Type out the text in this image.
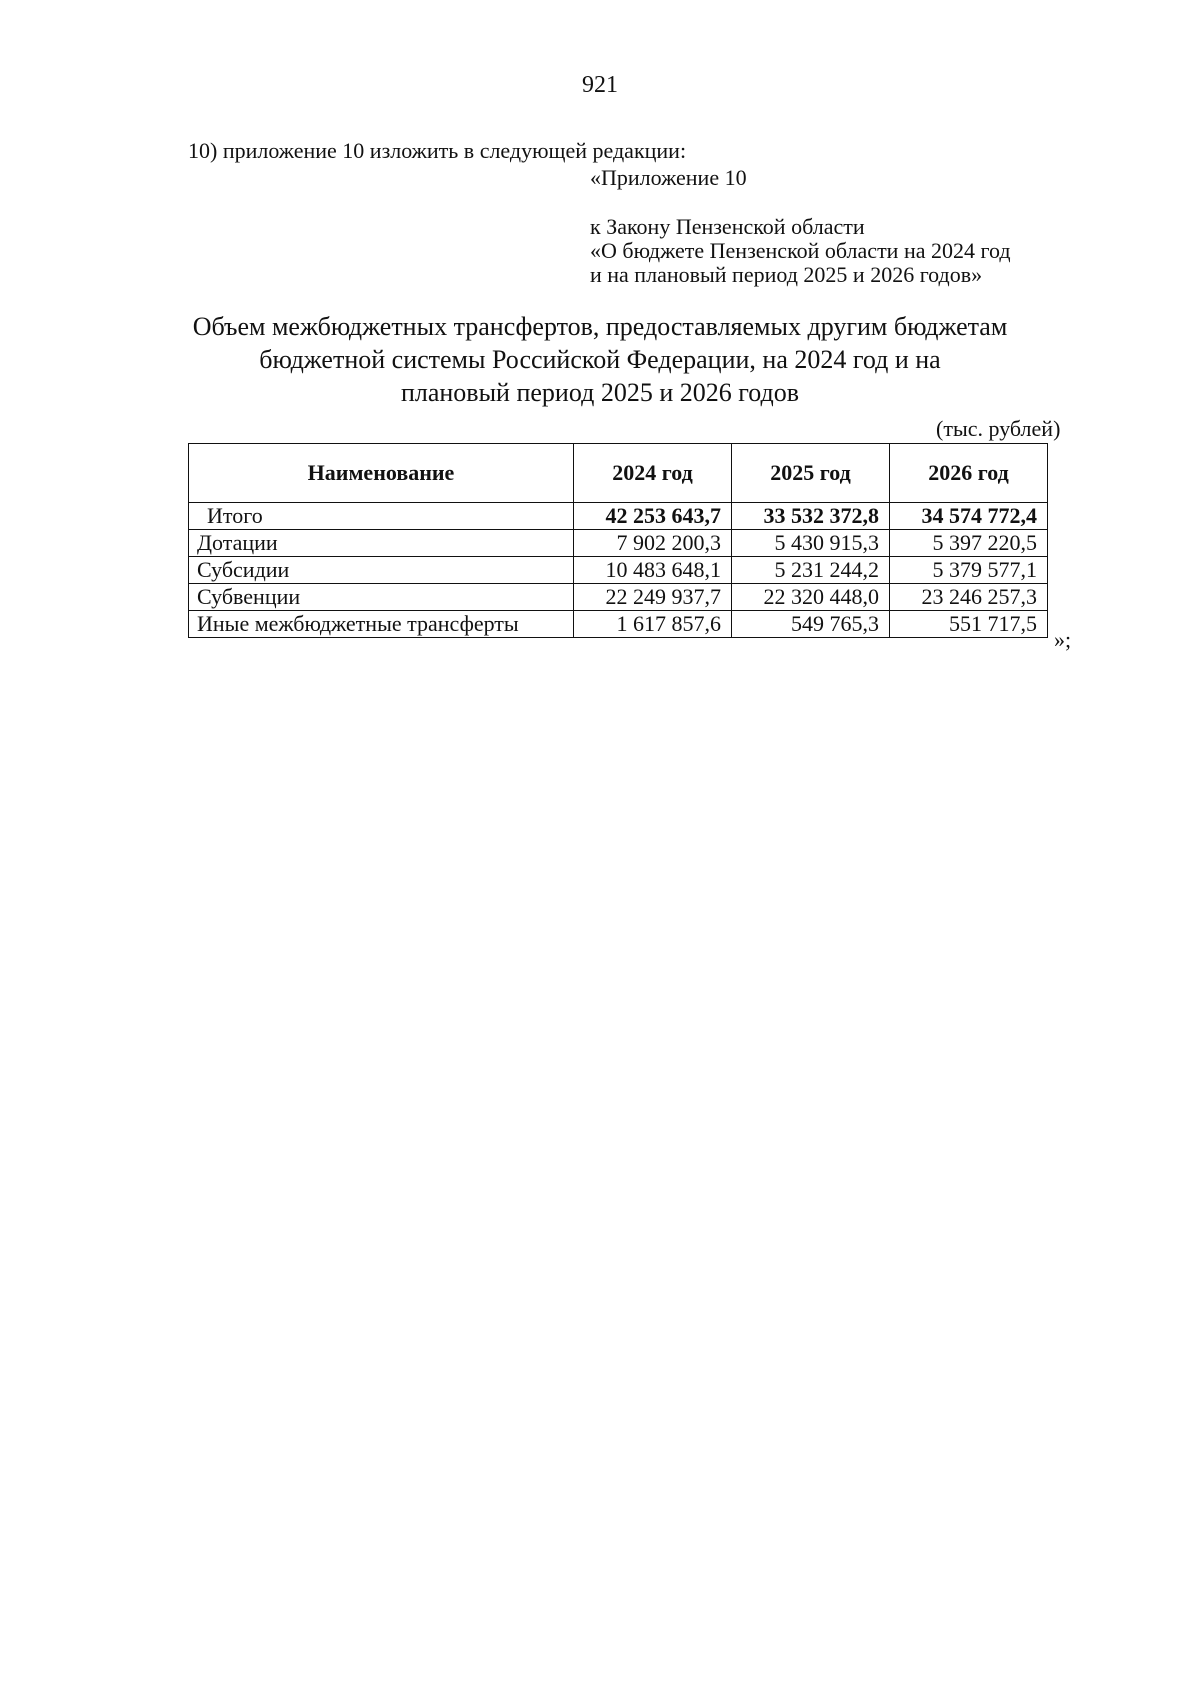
921
10) приложение 10 изложить в следующей редакции:
«Приложение 10
к Закону Пензенской области
«О бюджете Пензенской области на 2024 год
и на плановый период 2025 и 2026 годов»
Объем межбюджетных трансфертов, предоставляемых другим бюджетам
бюджетной системы Российской Федерации, на 2024 год и на
плановый период 2025 и 2026 годов
(тыс. рублей)
Наименование	2024 год	2025 год	2026 год
Итого	42 253 643,7	33 532 372,8	34 574 772,4
Дотации	7 902 200,3	5 430 915,3	5 397 220,5
Субсидии	10 483 648,1	5 231 244,2	5 379 577,1
Субвенции	22 249 937,7	22 320 448,0	23 246 257,3
Иные межбюджетные трансферты	1 617 857,6	549 765,3	551 717,5
»;
